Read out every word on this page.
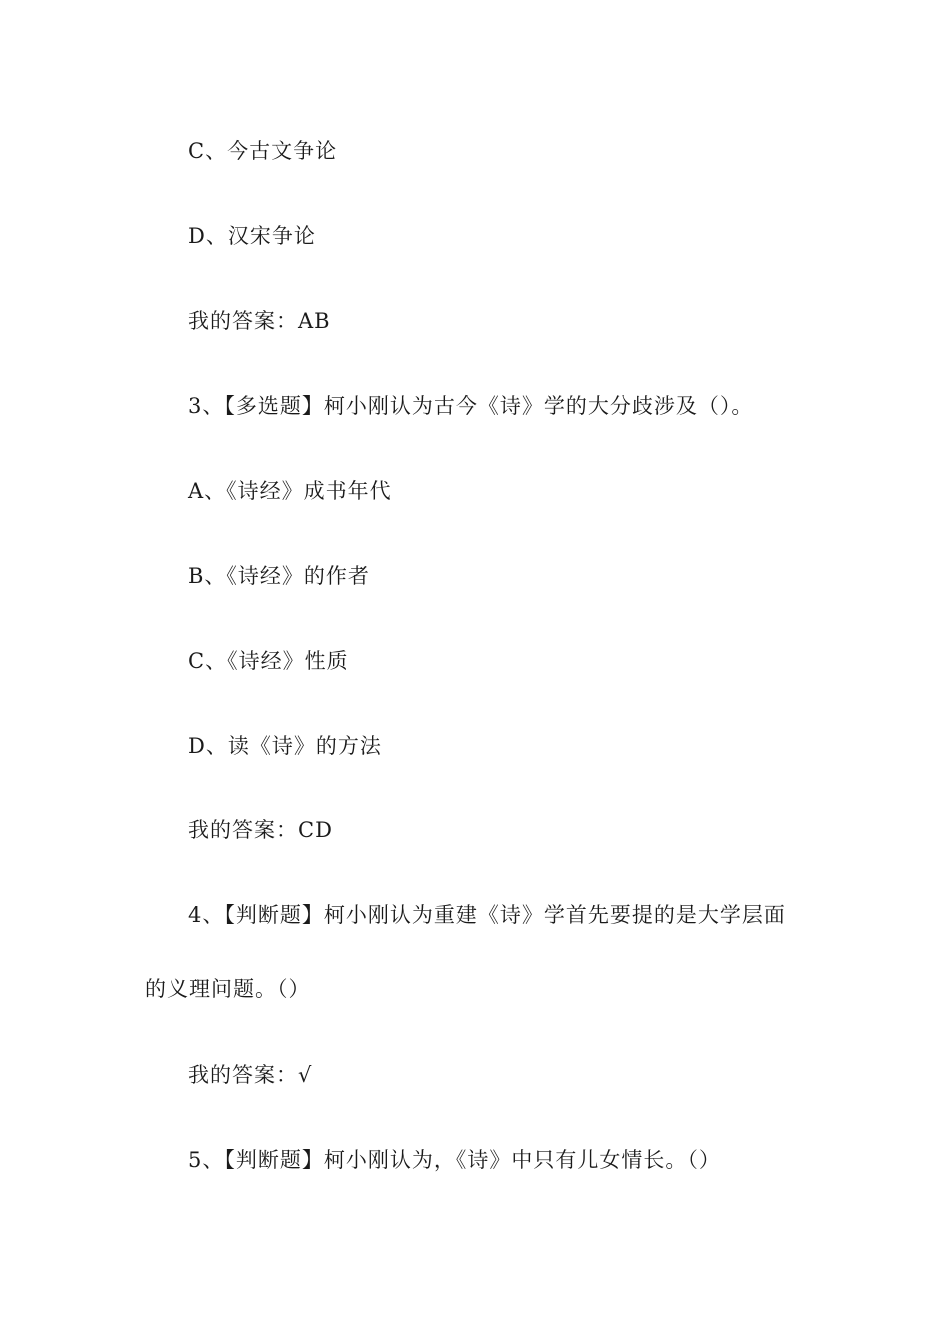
C、今古文争论
D、汉宋争论
我的答案：AB
3、【多选题】柯小刚认为古今《诗》学的大分歧涉及（）。
A、《诗经》成书年代
B、《诗经》的作者
C、《诗经》性质
D、读《诗》的方法
我的答案：CD
4、【判断题】柯小刚认为重建《诗》学首先要提的是大学层面
的义理问题。（）
我的答案：√
5、【判断题】柯小刚认为，《诗》中只有儿女情长。（）
